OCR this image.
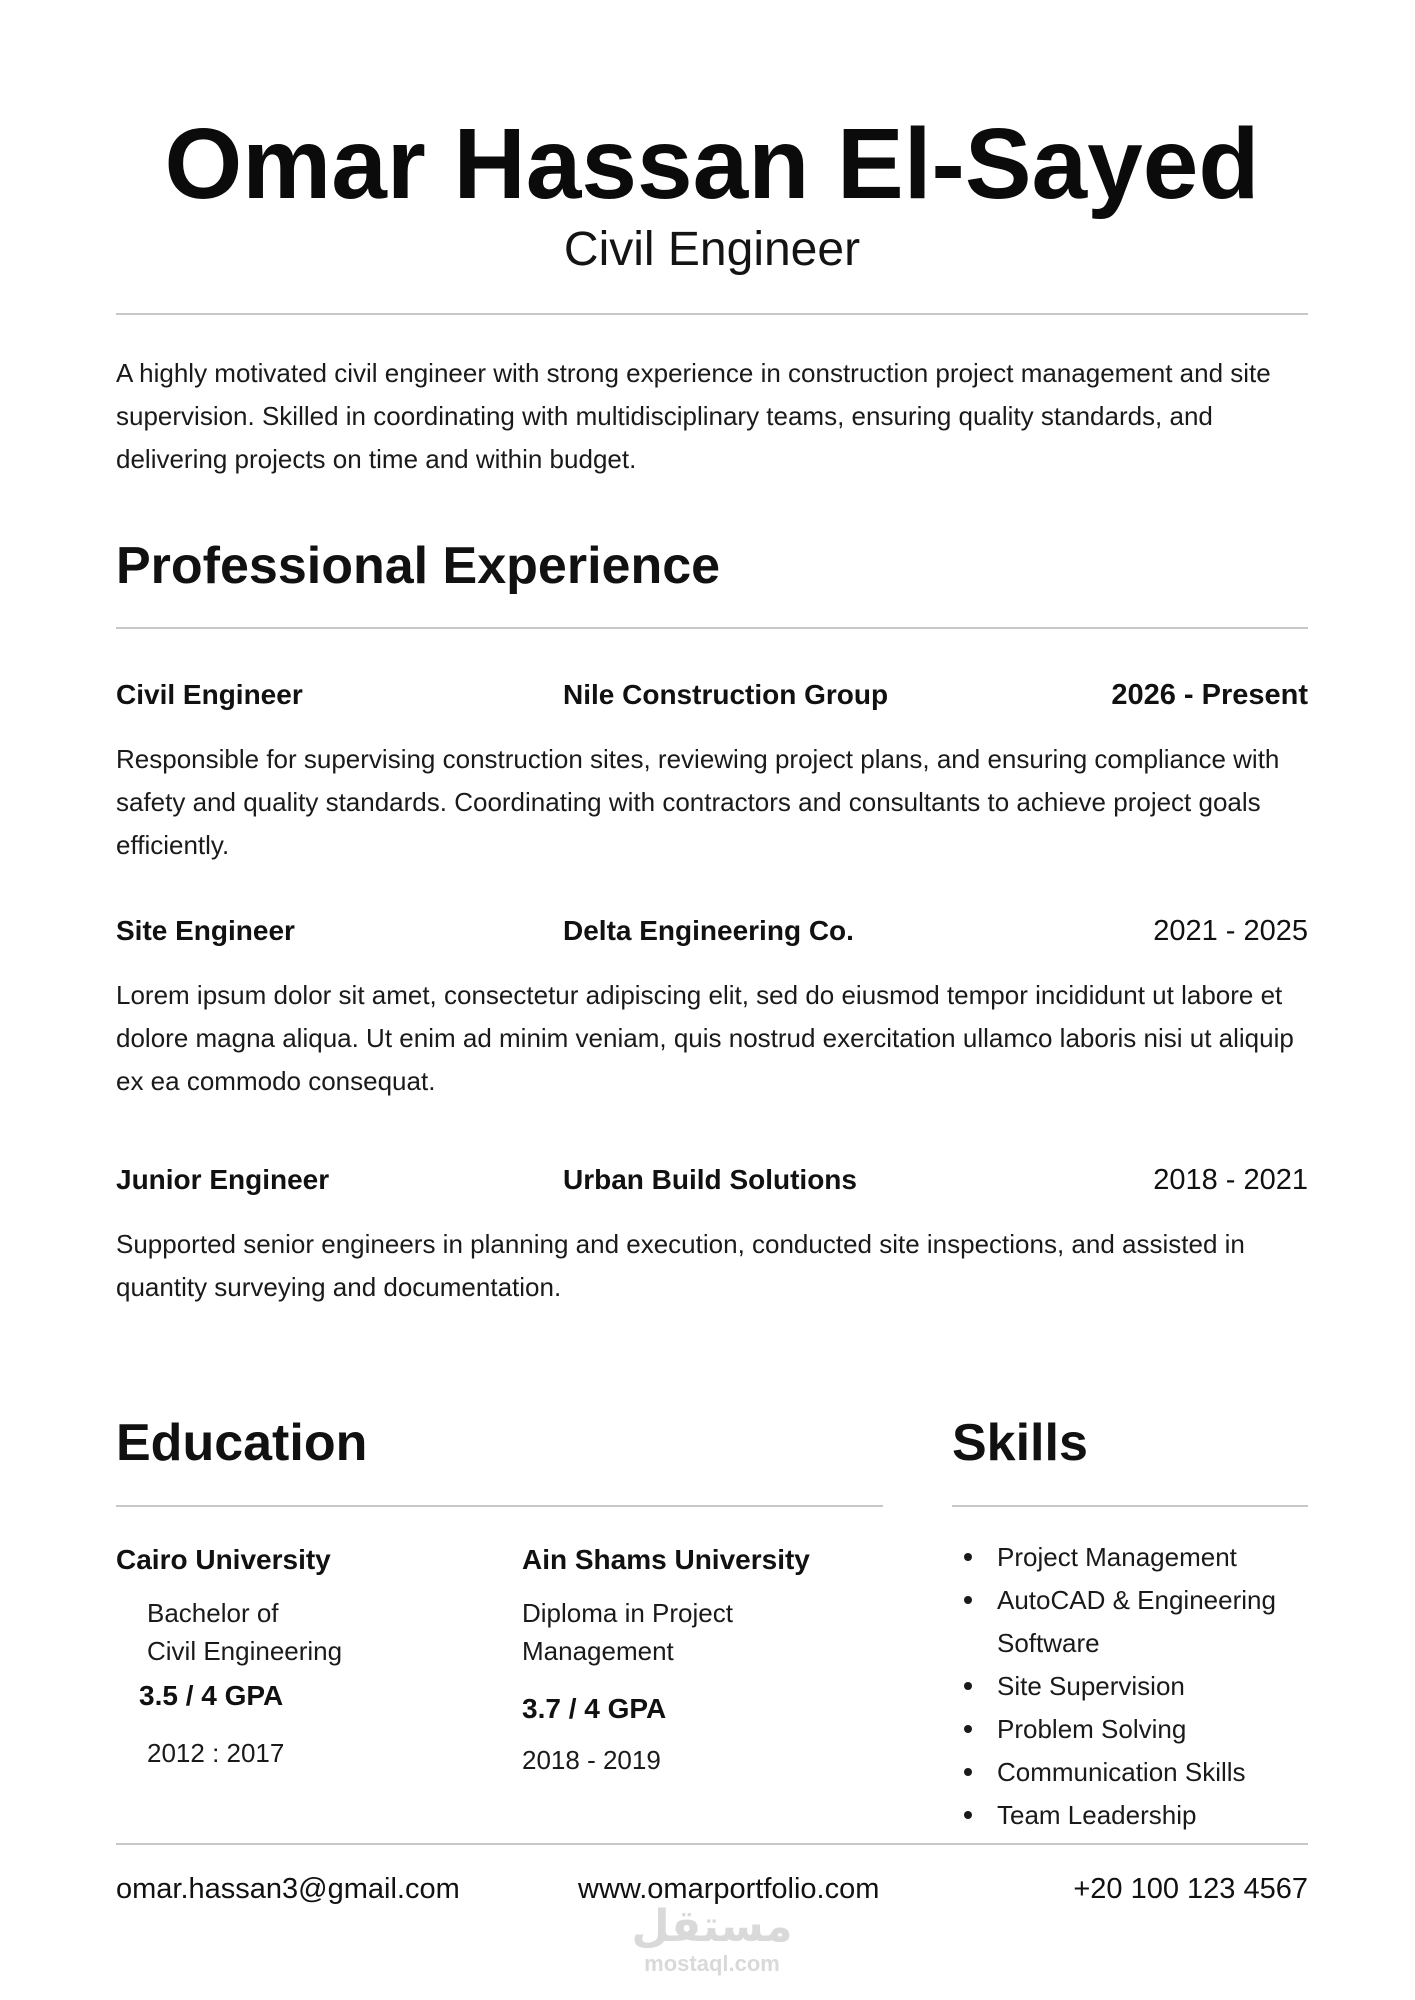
Omar Hassan El-Sayed
Civil Engineer
A highly motivated civil engineer with strong experience in construction project management and site supervision. Skilled in coordinating with multidisciplinary teams, ensuring quality standards, and delivering projects on time and within budget.
Professional Experience
Civil Engineer	Nile Construction Group	2026 - Present
Responsible for supervising construction sites, reviewing project plans, and ensuring compliance with safety and quality standards. Coordinating with contractors and consultants to achieve project goals efficiently.
Site Engineer	Delta Engineering Co.	2021 - 2025
Lorem ipsum dolor sit amet, consectetur adipiscing elit, sed do eiusmod tempor incididunt ut labore et dolore magna aliqua. Ut enim ad minim veniam, quis nostrud exercitation ullamco laboris nisi ut aliquip ex ea commodo consequat.
Junior Engineer	Urban Build Solutions	2018 - 2021
Supported senior engineers in planning and execution, conducted site inspections, and assisted in quantity surveying and documentation.
Education
Cairo University
Bachelor of
Civil Engineering
3.5 / 4 GPA
2012 : 2017
Ain Shams University
Diploma in Project
Management
3.7 / 4 GPA
2018 - 2019
Skills
Project Management
AutoCAD & Engineering Software
Site Supervision
Problem Solving
Communication Skills
Team Leadership
omar.hassan3@gmail.com	www.omarportfolio.com	+20 100 123 4567
مستقل
mostaql.com
